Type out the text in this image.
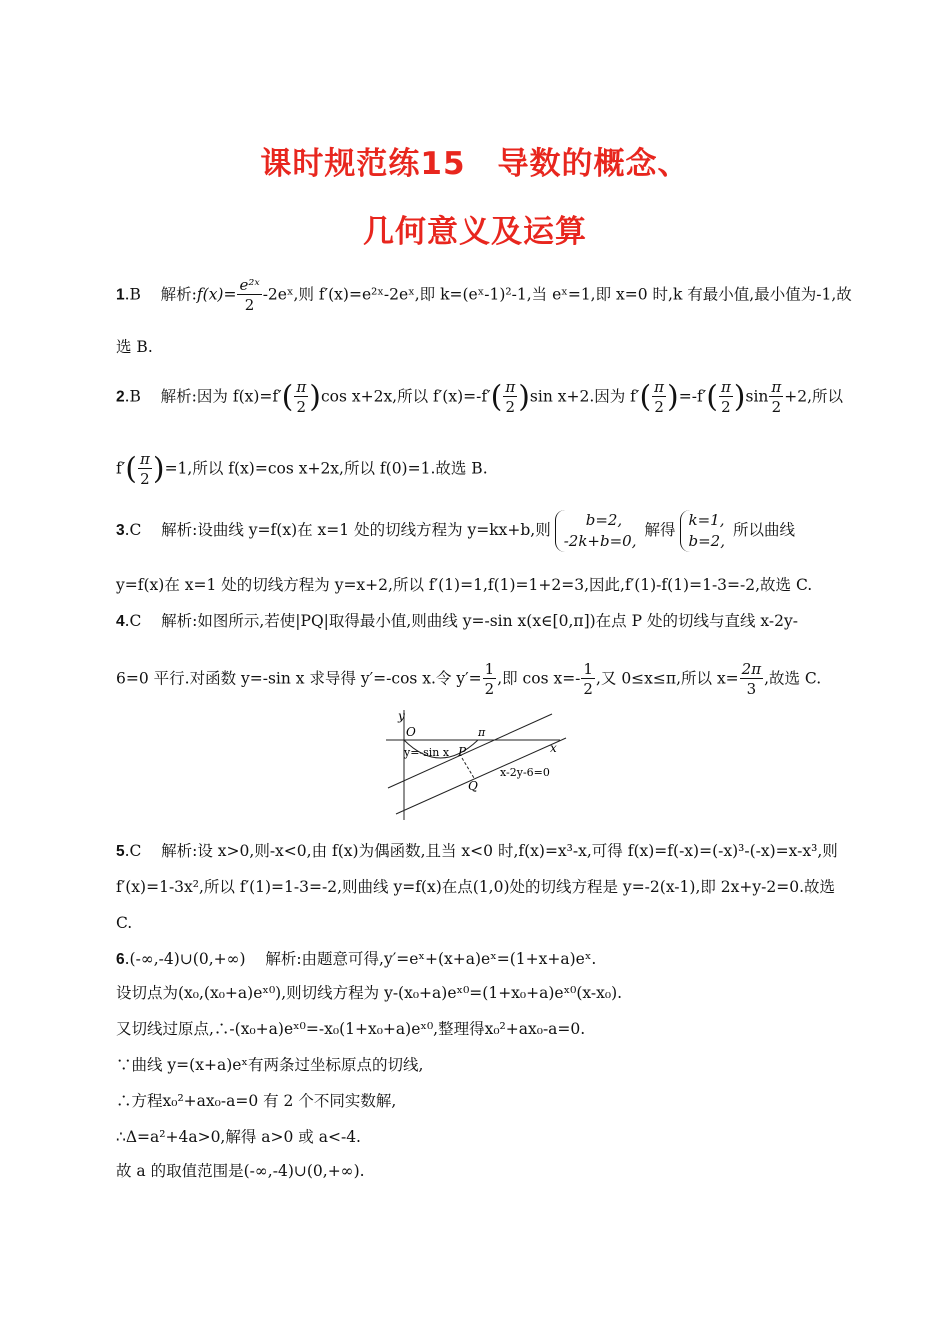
课时规范练15　导数的概念、
几何意义及运算
1.B 解析:f(x)= $\frac{\text{e²ˣ}}{2}$ -2eˣ,则 f′(x)=e²ˣ-2eˣ,即 k=(eˣ-1)²-1,当 eˣ=1,即 x=0 时,k 有最小值,最小值为-1,故
选 B.
2.B 解析:因为 $f(x)=f'( \frac{\pi}{2} )\cos$ x+2x,所以 $f'(x)=-f'( \frac{\pi}{2} )\sin$ x+2.因为 $f'( \frac{\pi}{2} )=-f'( \frac{\pi}{2} )\sin \frac{\pi}{2} +2$,所以
$f'( \frac{\pi}{2} )=1$,所以 f(x)=cos x+2x,所以 f(0)=1.故选 B.
3.C 解析:设曲线 y=f(x)在 x=1 处的切线方程为 y=kx+b,则
b=2,
-2k+b=0,
解得
k=1,
b=2,
所以曲线
y=f(x)在 x=1 处的切线方程为 y=x+2,所以 f′(1)=1,f(1)=1+2=3,因此,f′(1)-f(1)=1-3=-2,故选 C.
4.C 解析:如图所示,若使|PQ|取得最小值,则曲线 y=-sin x(x∈[0,π])在点 P 处的切线与直线 x-2y-
6=0 平行.对函数 y=-sin x 求导得 y′=-cos x.令 $y'= \frac{1}{2}$ ,即 $\cos x=- \frac{1}{2}$ ,又 0≤x≤π,所以 $x= \frac{2\pi}{3}$ ,故选 C.
y
x
O	π
y=-sin x P
Q
x-2y-6=0
5.C 解析:设 x>0,则-x<0,由 f(x)为偶函数,且当 x<0 时,f(x)=x³-x,可得 f(x)=f(-x)=(-x)³-(-x)=x-x³,则
f′(x)=1-3x²,所以 f′(1)=1-3=-2,则曲线 y=f(x)在点(1,0)处的切线方程是 y=-2(x-1),即 2x+y-2=0.故选
C.
6.(-∞,-4)∪(0,+∞) 解析:由题意可得,y′=eˣ+(x+a)eˣ=(1+x+a)eˣ.
设切点为(x₀,(x₀+a)eˣ⁰),则切线方程为 y-(x₀+a)eˣ⁰=(1+x₀+a)eˣ⁰(x-x₀).
又切线过原点,∴-(x₀+a)eˣ⁰=-x₀(1+x₀+a)eˣ⁰,整理得x₀²+ax₀-a=0.
∵曲线 y=(x+a)eˣ有两条过坐标原点的切线,
∴方程x₀²+ax₀-a=0 有 2 个不同实数解,
∴Δ=a²+4a>0,解得 a>0 或 a<-4.
故 a 的取值范围是(-∞,-4)∪(0,+∞).
